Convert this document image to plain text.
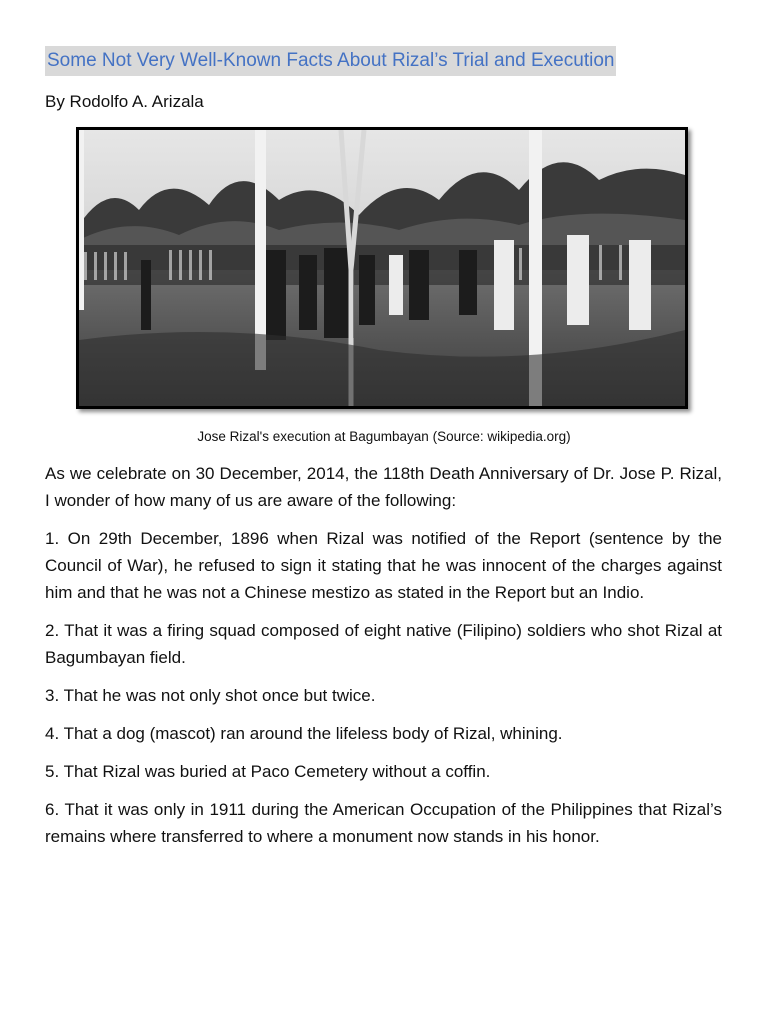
Some Not Very Well-Known Facts About Rizal’s Trial and Execution
By Rodolfo A. Arizala
Jose Rizal's execution at Bagumbayan (Source: wikipedia.org)

As we celebrate on 30 December, 2014, the 118th Death Anniversary of Dr. Jose P. Rizal, I wonder of how many of us are aware of the following:

1. On 29th December, 1896 when Rizal was notified of the Report (sentence by the Council of War), he refused to sign it stating that he was innocent of the charges against him and that he was not a Chinese mestizo as stated in the Report but an Indio.

2. That it was a firing squad composed of eight native (Filipino) soldiers who shot Rizal at Bagumbayan field.

3. That he was not only shot once but twice.

4. That a dog (mascot) ran around the lifeless body of Rizal, whining.

5. That Rizal was buried at Paco Cemetery without a coffin.

6. That it was only in 1911 during the American Occupation of the Philippines that Rizal’s remains where transferred to where a monument now stands in his honor.
